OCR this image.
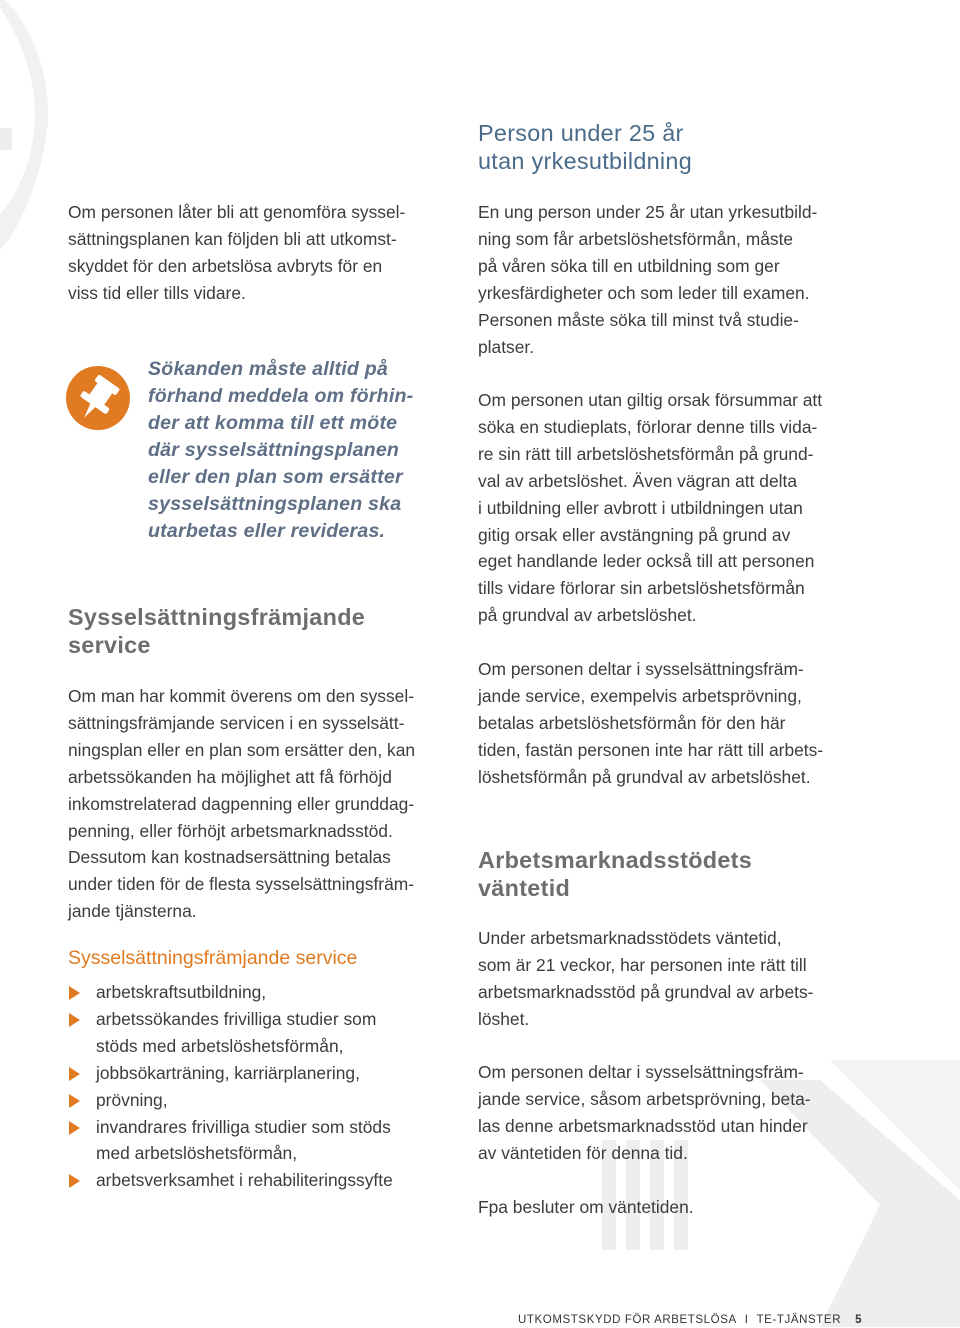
Om personen låter bli att genomföra syssel-
sättningsplanen kan följden bli att utkomst-
skyddet för den arbetslösa avbryts för en
viss tid eller tills vidare.

Sökanden måste alltid på
förhand meddela om förhin-
der att komma till ett möte
där sysselsättningsplanen
eller den plan som ersätter
sysselsättningsplanen ska
utarbetas eller revideras.
Sysselsättningsfrämjande
service

Om man har kommit överens om den syssel-
sättningsfrämjande servicen i en sysselsätt-
ningsplan eller en plan som ersätter den, kan
arbetssökanden ha möjlighet att få förhöjd
inkomstrelaterad dagpenning eller grunddag-
penning, eller förhöjt arbetsmarknadsstöd.
Dessutom kan kostnadsersättning betalas
under tiden för de flesta sysselsättningsfräm-
jande tjänsterna.

Sysselsättningsfrämjande service
arbetskraftsutbildning,
arbetssökandes frivilliga studier som
stöds med arbetslöshetsförmån,
jobbsökarträning, karriärplanering,
prövning,
invandrares frivilliga studier som stöds
med arbetslöshetsförmån,
arbetsverksamhet i rehabiliteringssyfte
Person under 25 år
utan yrkesutbildning

En ung person under 25 år utan yrkesutbild-
ning som får arbetslöshetsförmån, måste
på våren söka till en utbildning som ger
yrkesfärdigheter och som leder till examen.
Personen måste söka till minst två studie-
platser.

Om personen utan giltig orsak försummar att
söka en studieplats, förlorar denne tills vida-
re sin rätt till arbetslöshetsförmån på grund-
val av arbetslöshet. Även vägran att delta
i utbildning eller avbrott i utbildningen utan
gitig orsak eller avstängning på grund av
eget handlande leder också till att personen
tills vidare förlorar sin arbetslöshetsförmån
på grundval av arbetslöshet.

Om personen deltar i sysselsättningsfräm-
jande service, exempelvis arbetsprövning,
betalas arbetslöshetsförmån för den här
tiden, fastän personen inte har rätt till arbets-
löshetsförmån på grundval av arbetslöshet.

Arbetsmarknadsstödets
väntetid

Under arbetsmarknadsstödets väntetid,
som är 21 veckor, har personen inte rätt till
arbetsmarknadsstöd på grundval av arbets-
löshet.

Om personen deltar i sysselsättningsfräm-
jande service, såsom arbetsprövning, beta-
las denne arbetsmarknadsstöd utan hinder
av väntetiden för denna tid.

Fpa besluter om väntetiden.

UTKOMSTSKYDD FÖR ARBETSLÖSA I TE-TJÄNSTER 5
